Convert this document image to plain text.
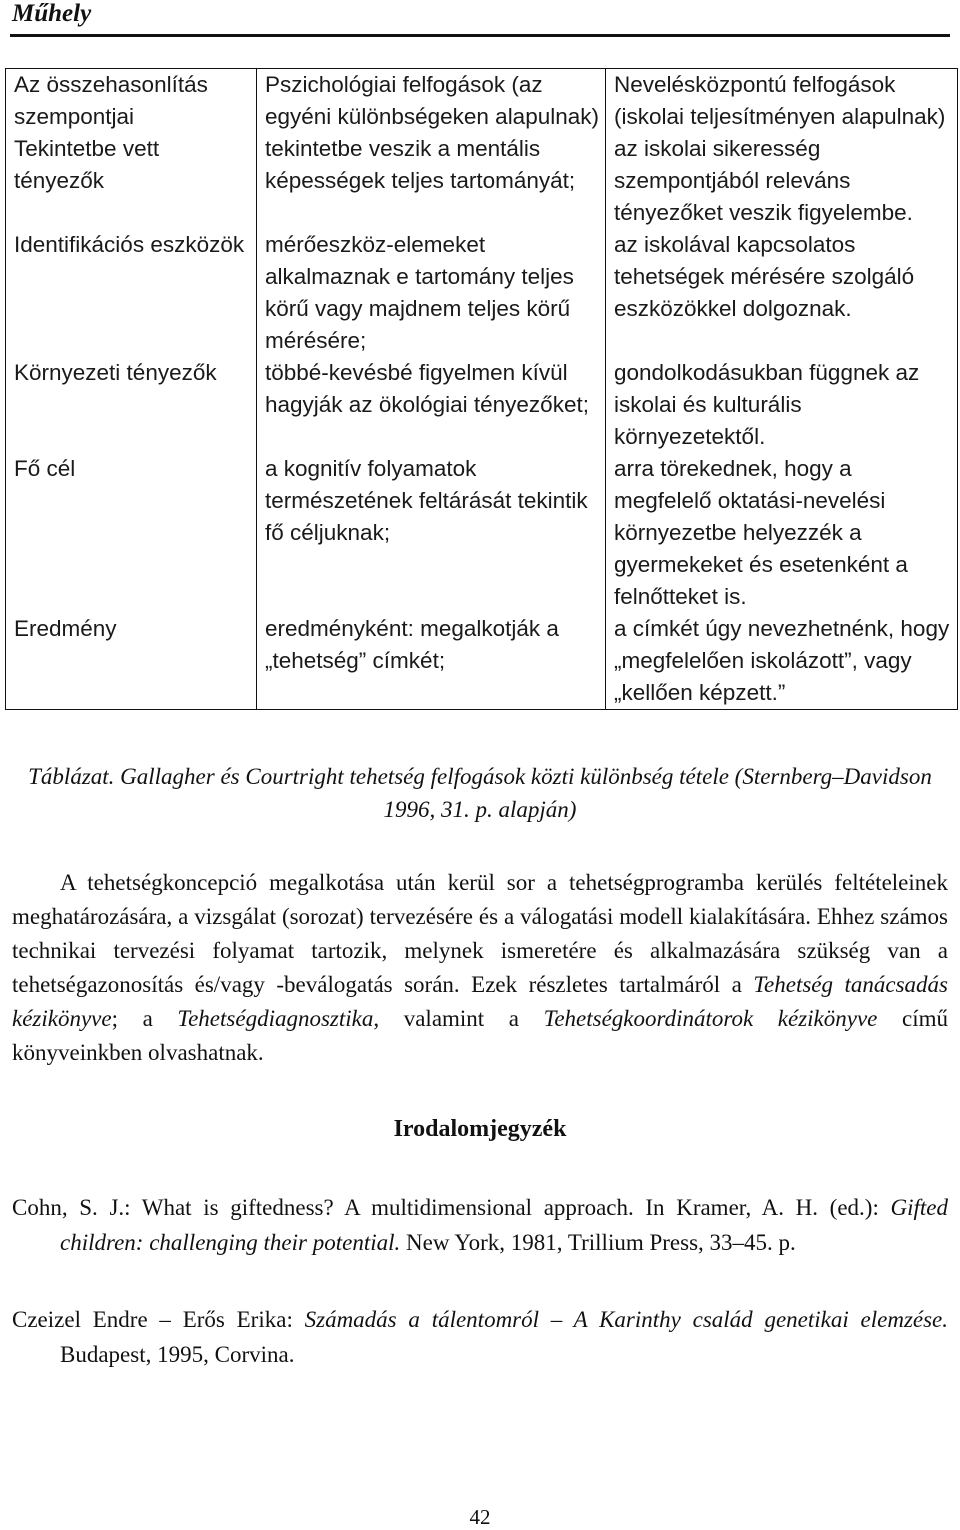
Műhely
Az összehasonlítás szempontjai	Pszichológiai felfogások (az egyéni különbségeken alapulnak)	Nevelésközpontú felfogások (iskolai teljesítményen alapulnak)
Tekintetbe vett tényezők	tekintetbe veszik a mentális képességek teljes tartományát;	az iskolai sikeresség szempontjából releváns tényezőket veszik figyelembe.
Identifikációs eszközök	mérőeszköz-elemeket alkalmaznak e tartomány teljes körű vagy majdnem teljes körű mérésére;	az iskolával kapcsolatos tehetségek mérésére szolgáló eszközökkel dolgoznak.
Környezeti tényezők	többé-kevésbé figyelmen kívül hagyják az ökológiai tényezőket;	gondolkodásukban függnek az iskolai és kulturális környezetektől.
Fő cél	a kognitív folyamatok természetének feltárását tekintik fő céljuknak;	arra törekednek, hogy a megfelelő oktatási-nevelési környezetbe helyezzék a gyermekeket és esetenként a felnőtteket is.
Eredmény	eredményként: megalkotják a „tehetség” címkét;	a címkét úgy nevezhetnénk, hogy „megfelelően iskolázott”, vagy „kellően képzett.”
Táblázat. Gallagher és Courtright tehetség felfogások közti különbség tétele (Sternberg–Davidson 1996, 31. p. alapján)

A tehetségkoncepció megalkotása után kerül sor a tehetségprogramba kerülés feltételeinek meghatározására, a vizsgálat (sorozat) tervezésére és a válogatási modell kialakítására. Ehhez számos technikai tervezési folyamat tartozik, melynek ismeretére és alkalmazására szükség van a tehetségazonosítás és/vagy -beválogatás során. Ezek részletes tartalmáról a Tehetség tanácsadás kézikönyve; a Tehetségdiagnosztika, valamint a Tehetségkoordinátorok kézikönyve című könyveinkben olvashatnak.

Irodalomjegyzék
Cohn, S. J.: What is giftedness? A multidimensional approach. In Kramer, A. H. (ed.): Gifted children: challenging their potential. New York, 1981, Trillium Press, 33–45. p.
Czeizel Endre – Erős Erika: Számadás a tálentomról – A Karinthy család genetikai elemzése. Budapest, 1995, Corvina.
42
